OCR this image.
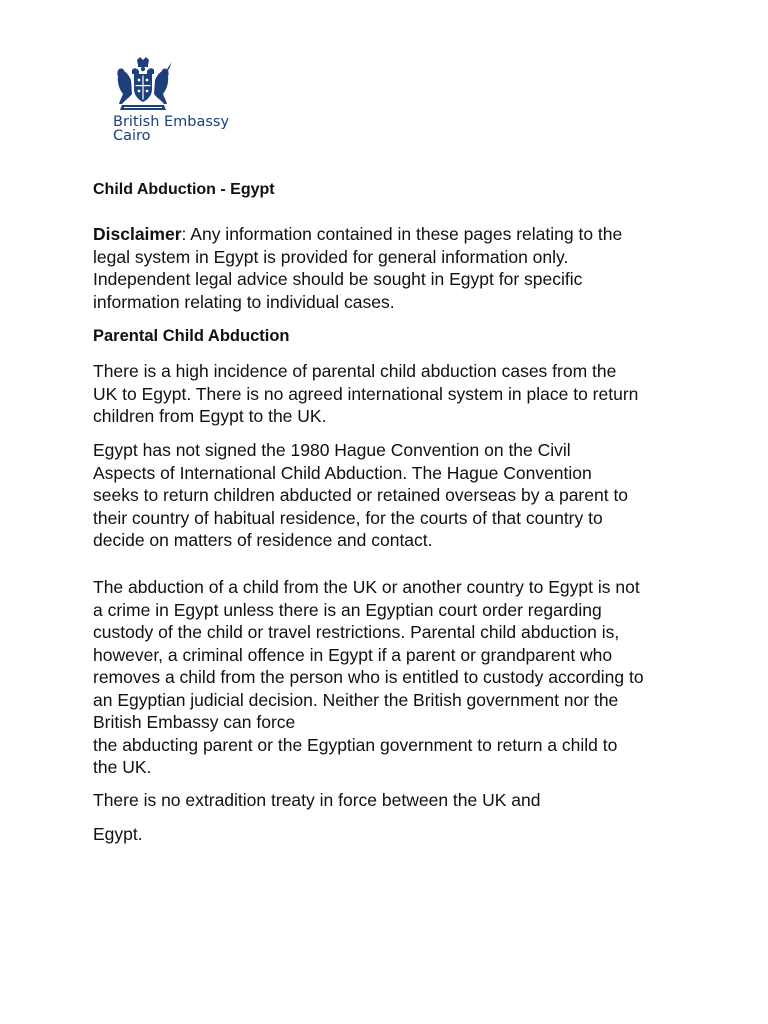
British Embassy
Cairo
Child Abduction - Egypt
Disclaimer: Any information contained in these pages relating to the
legal system in Egypt is provided for general information only.
Independent legal advice should be sought in Egypt for specific
information relating to individual cases.
Parental Child Abduction
There is a high incidence of parental child abduction cases from the
UK to Egypt. There is no agreed international system in place to return
children from Egypt to the UK.
Egypt has not signed the 1980 Hague Convention on the Civil
Aspects of International Child Abduction. The Hague Convention
seeks to return children abducted or retained overseas by a parent to
their country of habitual residence, for the courts of that country to
decide on matters of residence and contact.
The abduction of a child from the UK or another country to Egypt is not
a crime in Egypt unless there is an Egyptian court order regarding
custody of the child or travel restrictions. Parental child abduction is,
however, a criminal offence in Egypt if a parent or grandparent who
removes a child from the person who is entitled to custody according to
an Egyptian judicial decision. Neither the British government nor the
British Embassy can force
the abducting parent or the Egyptian government to return a child to
the UK.
There is no extradition treaty in force between the UK and
Egypt.
